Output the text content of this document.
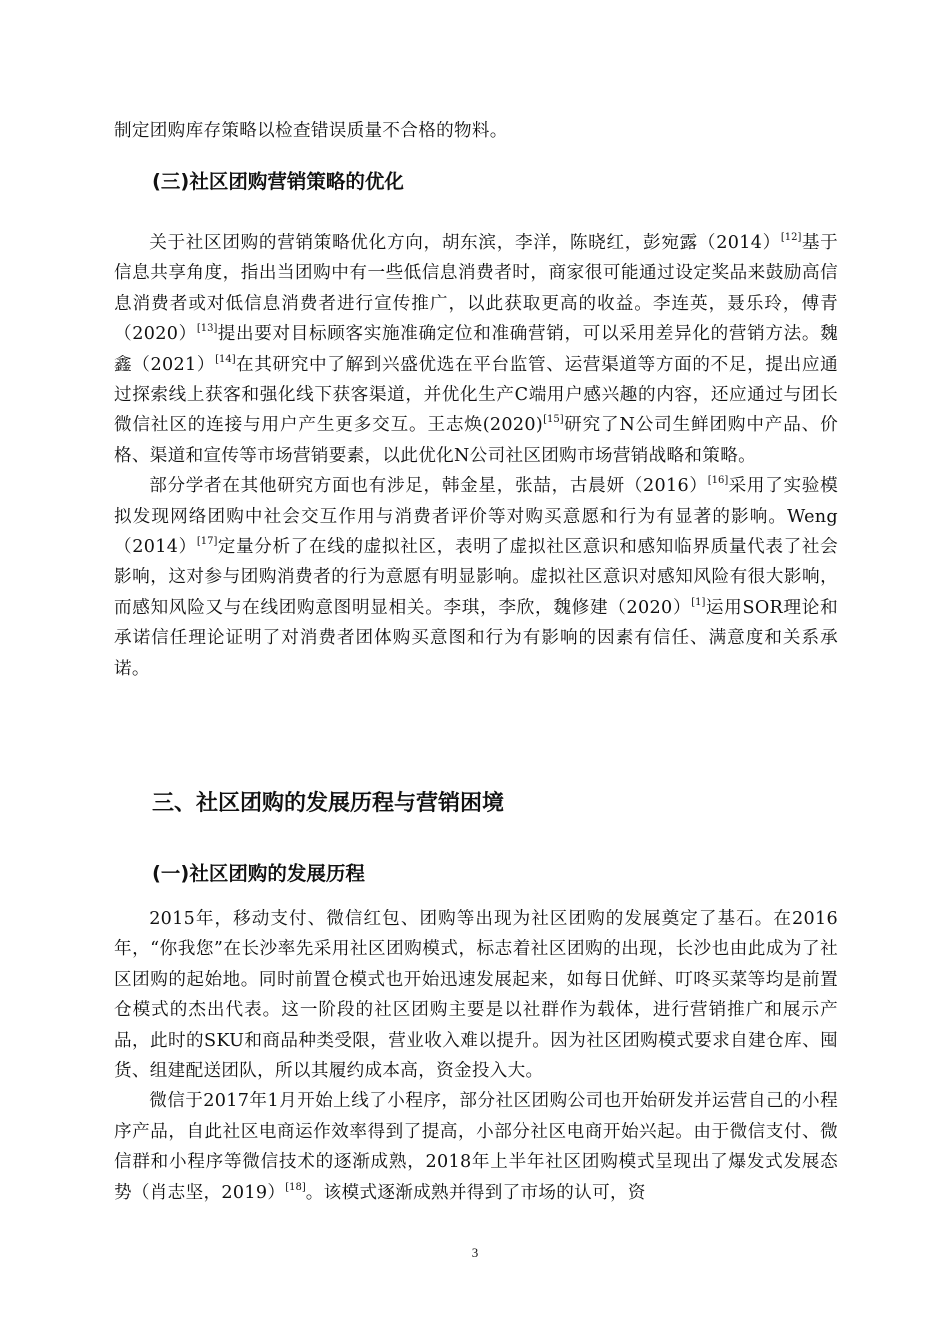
制定团购库存策略以检查错误质量不合格的物料。

(三)社区团购营销策略的优化

关于社区团购的营销策略优化方向，胡东滨，李洋，陈晓红，彭宛露（2014）[12]基于信息共享角度，指出当团购中有一些低信息消费者时，商家很可能通过设定奖品来鼓励高信息消费者或对低信息消费者进行宣传推广，以此获取更高的收益。李连英，聂乐玲，傅青（2020）[13]提出要对目标顾客实施准确定位和准确营销，可以采用差异化的营销方法。魏鑫（2021）[14]在其研究中了解到兴盛优选在平台监管、运营渠道等方面的不足，提出应通过探索线上获客和强化线下获客渠道，并优化生产C端用户感兴趣的内容，还应通过与团长微信社区的连接与用户产生更多交互。王志焕(2020)[15]研究了N公司生鲜团购中产品、价格、渠道和宣传等市场营销要素，以此优化N公司社区团购市场营销战略和策略。

部分学者在其他研究方面也有涉足，韩金星，张喆，古晨妍（2016）[16]采用了实验模拟发现网络团购中社会交互作用与消费者评价等对购买意愿和行为有显著的影响。Weng（2014）[17]定量分析了在线的虚拟社区，表明了虚拟社区意识和感知临界质量代表了社会影响，这对参与团购消费者的行为意愿有明显影响。虚拟社区意识对感知风险有很大影响，而感知风险又与在线团购意图明显相关。李琪，李欣，魏修建（2020）[1]运用SOR理论和承诺信任理论证明了对消费者团体购买意图和行为有影响的因素有信任、满意度和关系承诺。

三、社区团购的发展历程与营销困境
(一)社区团购的发展历程

2015年，移动支付、微信红包、团购等出现为社区团购的发展奠定了基石。在2016年，“你我您”在长沙率先采用社区团购模式，标志着社区团购的出现，长沙也由此成为了社区团购的起始地。同时前置仓模式也开始迅速发展起来，如每日优鲜、叮咚买菜等均是前置仓模式的杰出代表。这一阶段的社区团购主要是以社群作为载体，进行营销推广和展示产品，此时的SKU和商品种类受限，营业收入难以提升。因为社区团购模式要求自建仓库、囤货、组建配送团队，所以其履约成本高，资金投入大。

微信于2017年1月开始上线了小程序，部分社区团购公司也开始研发并运营自己的小程序产品，自此社区电商运作效率得到了提高，小部分社区电商开始兴起。由于微信支付、微信群和小程序等微信技术的逐渐成熟，2018年上半年社区团购模式呈现出了爆发式发展态势（肖志坚，2019）[18]。该模式逐渐成熟并得到了市场的认可，资

3
